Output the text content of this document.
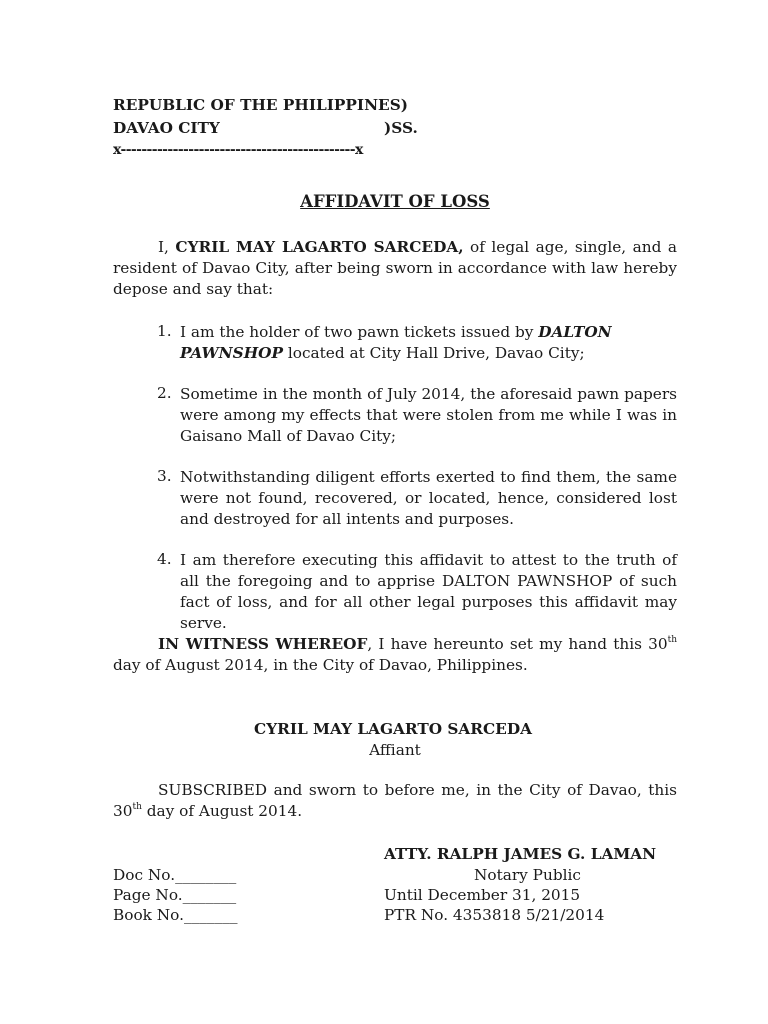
REPUBLIC OF THE PHILIPPINES)
DAVAO CITY	)SS.
x---------------------------------------------x
AFFIDAVIT OF LOSS
I, CYRIL MAY LAGARTO SARCEDA, of legal age, single, and a resident of Davao City, after being sworn in accordance with law hereby depose and say that:
1. I am the holder of two pawn tickets issued by DALTON PAWNSHOP located at City Hall Drive, Davao City;
2. Sometime in the month of July 2014, the aforesaid pawn papers were among my effects that were stolen from me while I was in Gaisano Mall of Davao City;
3. Notwithstanding diligent efforts exerted to find them, the same were not found, recovered, or located, hence, considered lost and destroyed for all intents and purposes.
4. I am therefore executing this affidavit to attest to the truth of all the foregoing and to apprise DALTON PAWNSHOP of such fact of loss, and for all other legal purposes this affidavit may serve.
IN WITNESS WHEREOF, I have hereunto set my hand this 30th day of August 2014, in the City of Davao, Philippines.
CYRIL MAY LAGARTO SARCEDA
Affiant
SUBSCRIBED and sworn to before me, in the City of Davao, this 30th day of August 2014.
ATTY. RALPH JAMES G. LAMAN
Notary Public
Until December 31, 2015
PTR No. 4353818 5/21/2014
Doc No.________
Page No._______
Book No._______
